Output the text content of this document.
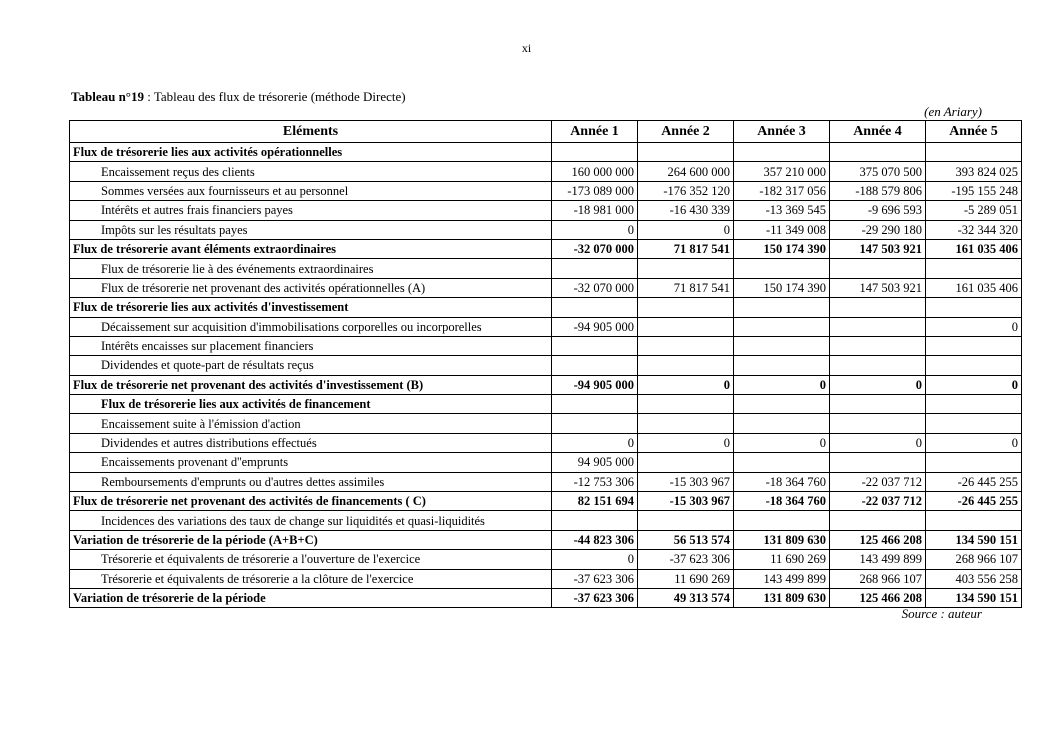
xi
Tableau n°19 : Tableau des flux de trésorerie (méthode Directe)
(en Ariary)
Eléments	Année 1	Année 2	Année 3	Année 4	Année 5
Flux de trésorerie lies aux activités opérationnelles					
Encaissement reçus des clients	160 000 000	264 600 000	357 210 000	375 070 500	393 824 025
Sommes versées aux fournisseurs et au personnel	-173 089 000	-176 352 120	-182 317 056	-188 579 806	-195 155 248
Intérêts et autres frais financiers payes	-18 981 000	-16 430 339	-13 369 545	-9 696 593	-5 289 051
Impôts sur les résultats payes	0	0	-11 349 008	-29 290 180	-32 344 320
Flux de trésorerie avant éléments extraordinaires	-32 070 000	71 817 541	150 174 390	147 503 921	161 035 406
Flux de trésorerie lie à des événements extraordinaires					
Flux de trésorerie net provenant des activités opérationnelles (A)	-32 070 000	71 817 541	150 174 390	147 503 921	161 035 406
Flux de trésorerie lies aux activités d'investissement					
Décaissement sur acquisition d'immobilisations corporelles ou incorporelles	-94 905 000				0
Intérêts encaisses sur placement financiers					
Dividendes et quote-part de résultats reçus					
Flux de trésorerie net provenant des activités d'investissement (B)	-94 905 000	0	0	0	0
Flux de trésorerie lies aux activités de financement					
Encaissement suite à l'émission d'action					
Dividendes et autres distributions effectués	0	0	0	0	0
Encaissements provenant d''emprunts	94 905 000				
Remboursements d'emprunts ou d'autres dettes assimiles	-12 753 306	-15 303 967	-18 364 760	-22 037 712	-26 445 255
Flux de trésorerie net provenant des activités de financements ( C)	82 151 694	-15 303 967	-18 364 760	-22 037 712	-26 445 255
Incidences des variations des taux de change sur liquidités et quasi-liquidités					
Variation de trésorerie de la période (A+B+C)	-44 823 306	56 513 574	131 809 630	125 466 208	134 590 151
Trésorerie et équivalents de trésorerie a l'ouverture de l'exercice	0	-37 623 306	11 690 269	143 499 899	268 966 107
Trésorerie et équivalents de trésorerie a la clôture de l'exercice	-37 623 306	11 690 269	143 499 899	268 966 107	403 556 258
Variation de trésorerie de la période	-37 623 306	49 313 574	131 809 630	125 466 208	134 590 151
Source : auteur
